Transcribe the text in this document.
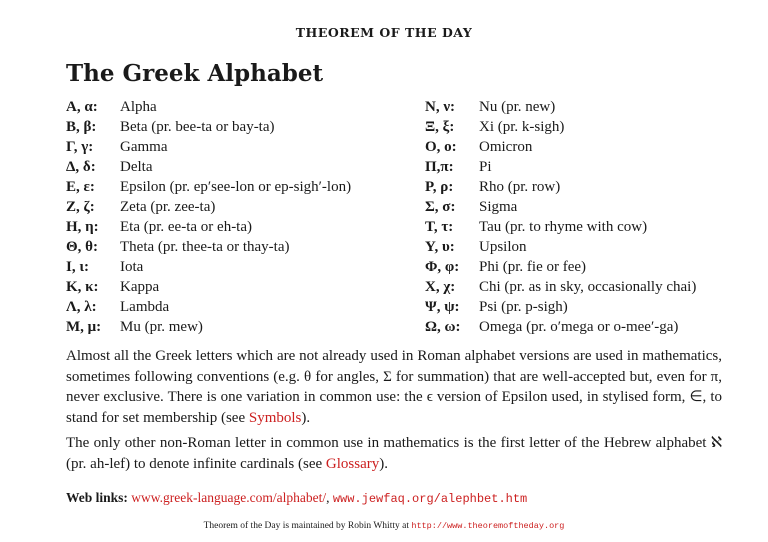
THEOREM OF THE DAY
The Greek Alphabet
Α, α: Alpha
Β, β: Beta (pr. bee-ta or bay-ta)
Γ, γ: Gamma
Δ, δ: Delta
Ε, ε: Epsilon (pr. ep′see-lon or ep-sigh′-lon)
Ζ, ζ: Zeta (pr. zee-ta)
Η, η: Eta (pr. ee-ta or eh-ta)
Θ, θ: Theta (pr. thee-ta or thay-ta)
Ι, ι: Iota
Κ, κ: Kappa
Λ, λ: Lambda
Μ, μ: Mu (pr. mew)
Ν, ν: Nu (pr. new)
Ξ, ξ: Xi (pr. k-sigh)
Ο, ο: Omicron
Π,π: Pi
Ρ, ρ: Rho (pr. row)
Σ, σ: Sigma
Τ, τ: Tau (pr. to rhyme with cow)
Υ, υ: Upsilon
Φ, φ: Phi (pr. fie or fee)
Χ, χ: Chi (pr. as in sky, occasionally chai)
Ψ, ψ: Psi (pr. p-sigh)
Ω, ω: Omega (pr. o′mega or o-mee′-ga)
Almost all the Greek letters which are not already used in Roman alphabet versions are used in mathematics, sometimes following conventions (e.g. θ for angles, Σ for summation) that are well-accepted but, even for π, never exclusive. There is one variation in common use: the ϵ version of Epsilon used, in stylised form, ∈, to stand for set membership (see Symbols).
The only other non-Roman letter in common use in mathematics is the first letter of the Hebrew alphabet ℵ (pr. ah-lef) to denote infinite cardinals (see Glossary).
Web links: www.greek-language.com/alphabet/, www.jewfaq.org/alephbet.htm
Theorem of the Day is maintained by Robin Whitty at http://www.theoremoftheday.org
